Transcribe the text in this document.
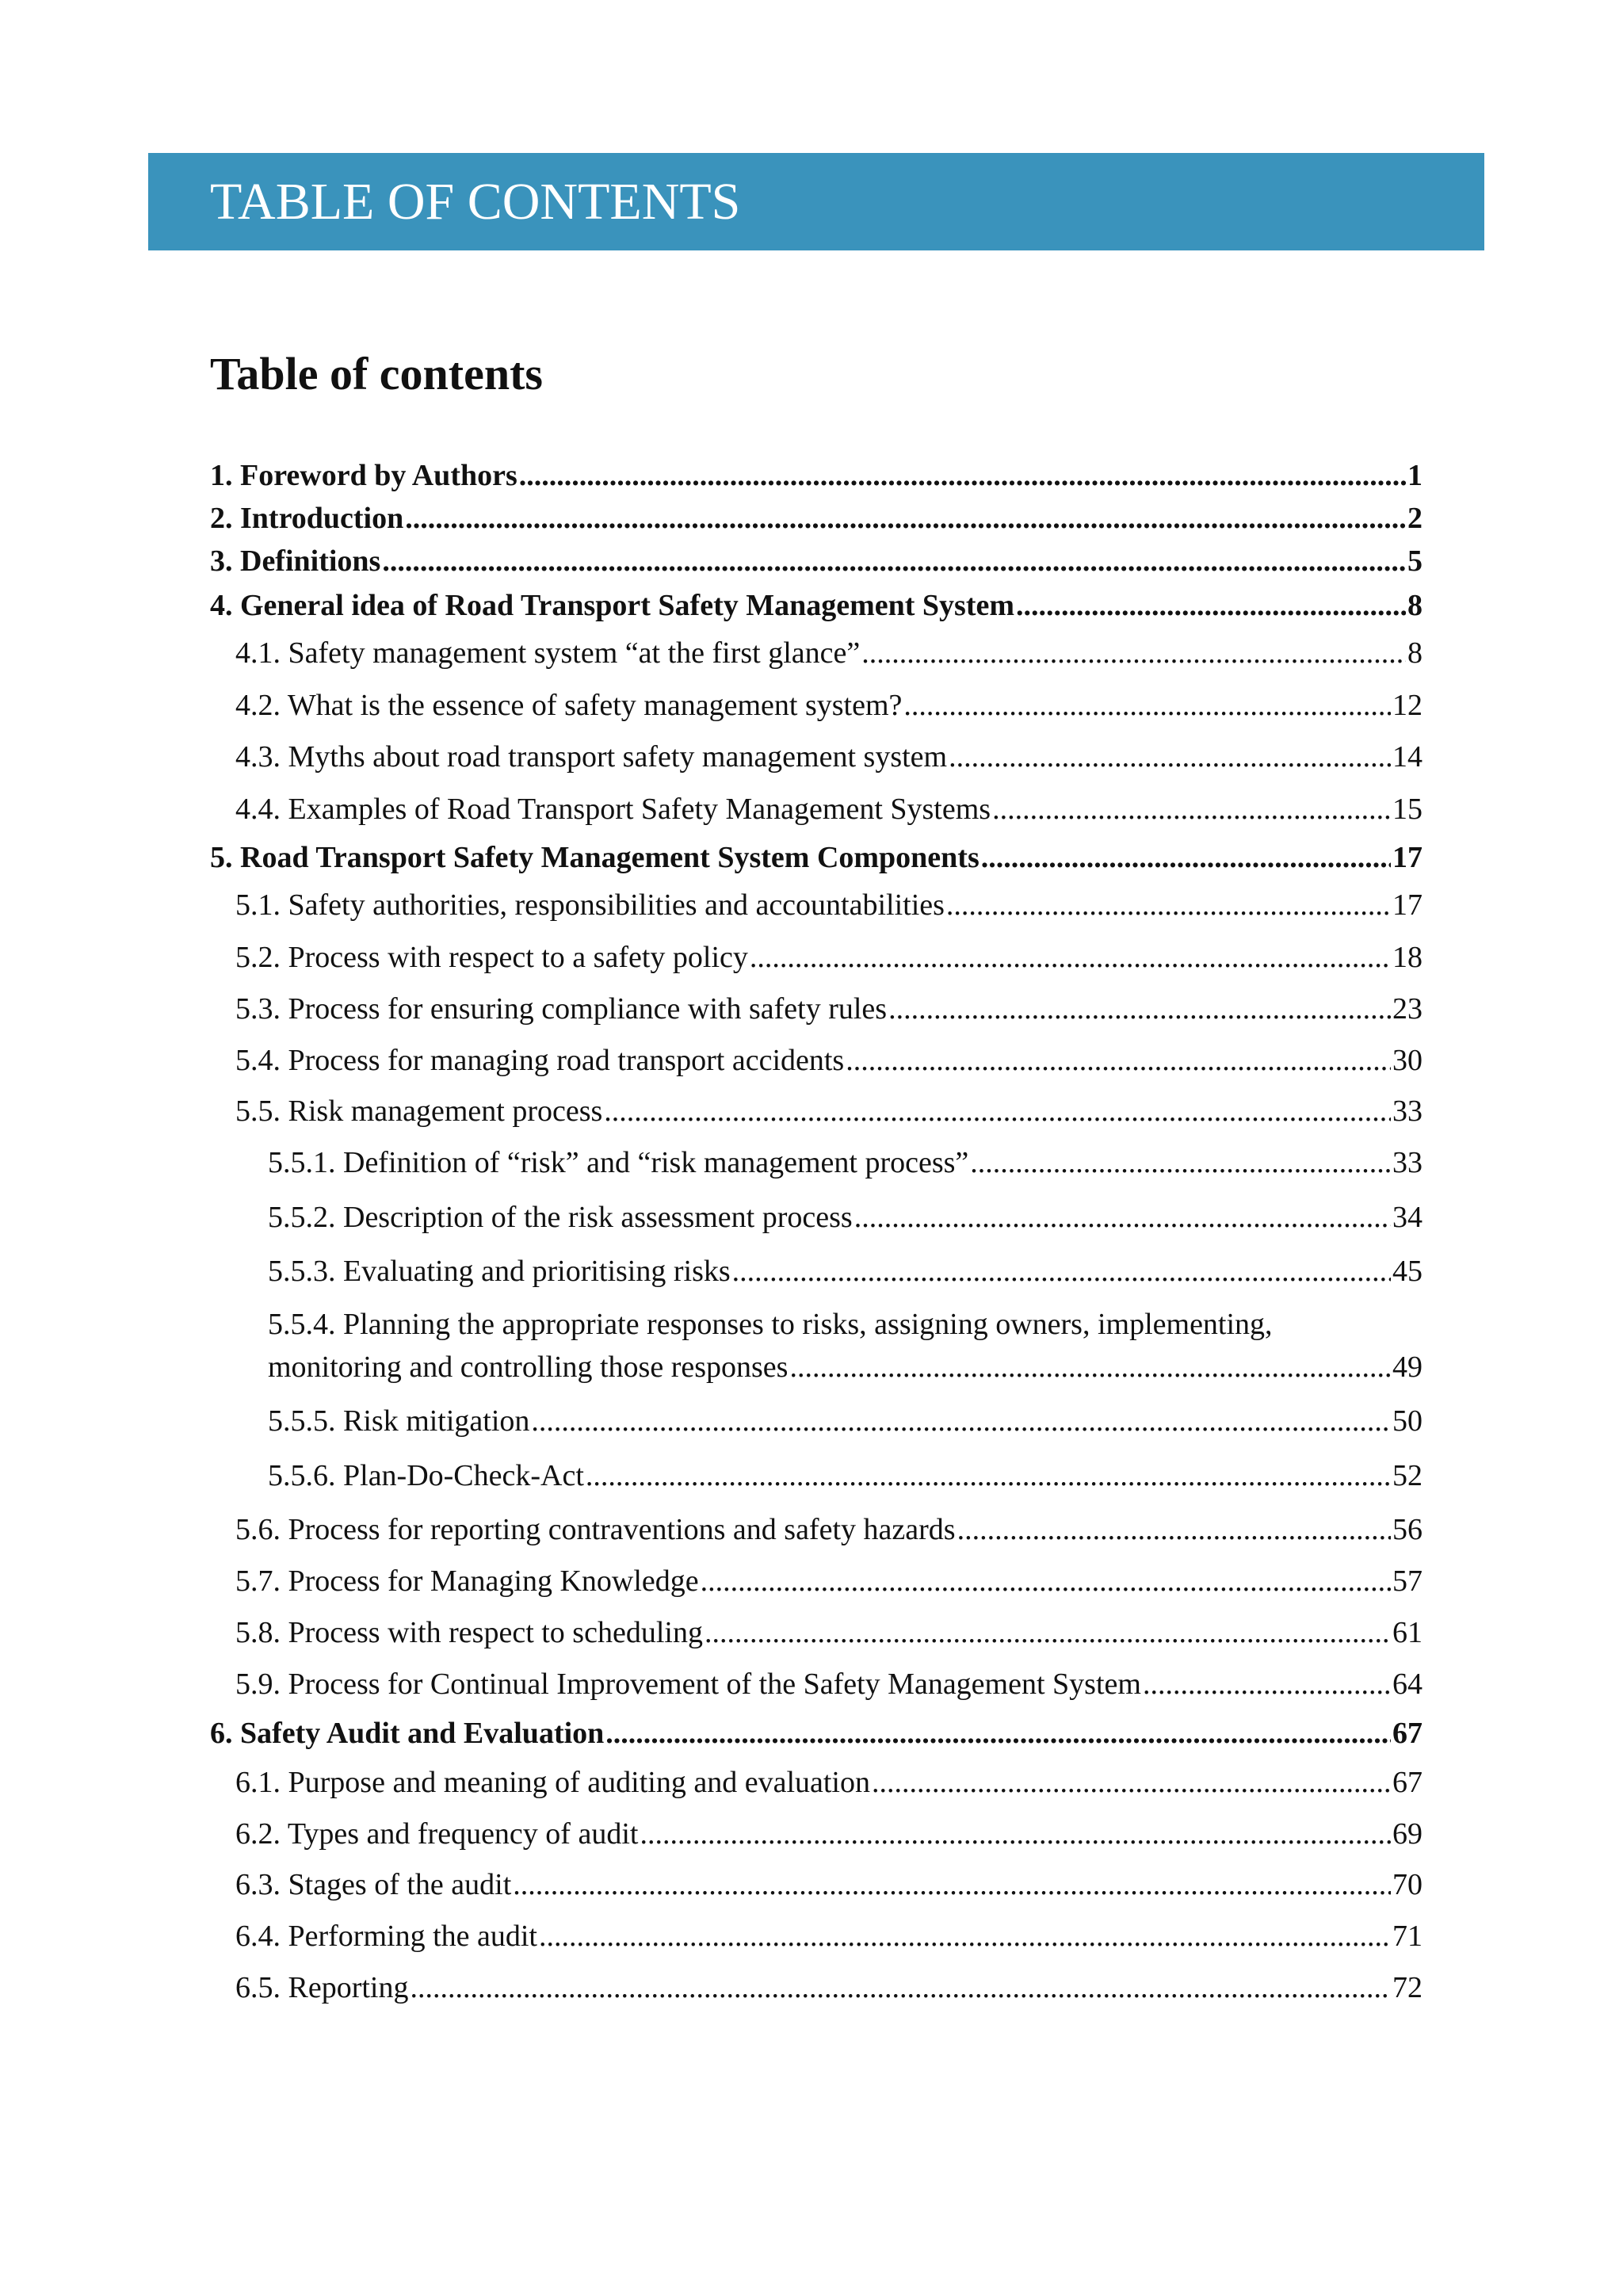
TABLE OF CONTENTS
Table of contents
1. Foreword by Authors .....	1
2. Introduction .....	2
3. Definitions .....	5
4. General idea of Road Transport Safety Management System .....	8
4.1. Safety management system “at the first glance” .....	8
4.2. What is the essence of safety management system? .....	12
4.3. Myths about road transport safety management system .....	14
4.4. Examples of Road Transport Safety Management Systems .....	15
5. Road Transport Safety Management System Components .....	17
5.1. Safety authorities, responsibilities and accountabilities .....	17
5.2. Process with respect to a safety policy .....	18
5.3. Process for ensuring compliance with safety rules .....	23
5.4. Process for managing road transport accidents .....	30
5.5. Risk management process .....	33
5.5.1. Definition of “risk” and “risk management process” .....	33
5.5.2. Description of the risk assessment process .....	34
5.5.3. Evaluating and prioritising risks .....	45
5.5.4. Planning the appropriate responses to risks, assigning owners, implementing,
monitoring and controlling those responses .....	49
5.5.5. Risk mitigation .....	50
5.5.6. Plan-Do-Check-Act .....	52
5.6. Process for reporting contraventions and safety hazards .....	56
5.7. Process for Managing Knowledge .....	57
5.8. Process with respect to scheduling .....	61
5.9. Process for Continual Improvement of the Safety Management System .....	64
6. Safety Audit and Evaluation .....	67
6.1. Purpose and meaning of auditing and evaluation .....	67
6.2. Types and frequency of audit .....	69
6.3. Stages of the audit .....	70
6.4. Performing the audit .....	71
6.5. Reporting .....	72
